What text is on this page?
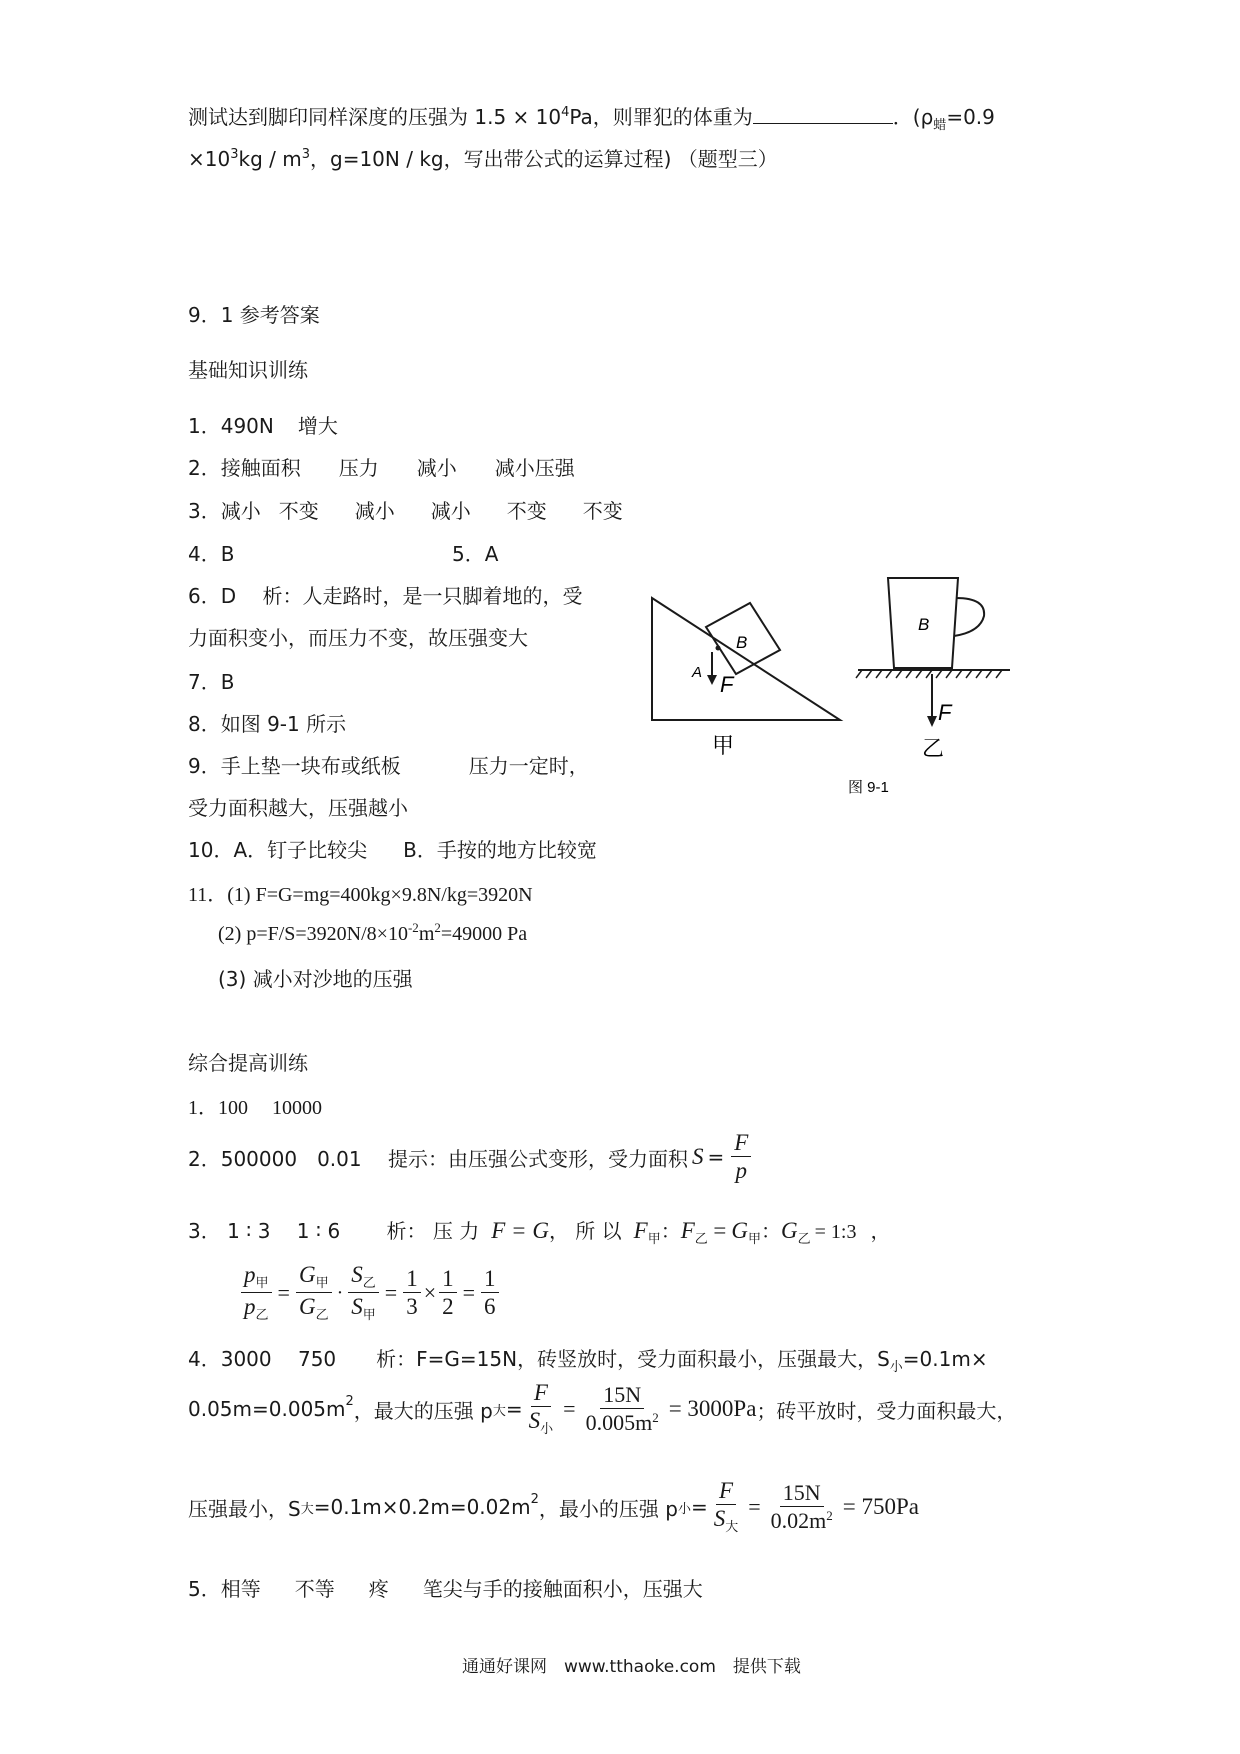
测试达到脚印同样深度的压强为 $1.5 \times 10^4Pa$，则罪犯的体重为	．($\rho_蜡=0.9$
$\times 10^3kg / m^3$，g=10N / kg，写出带公式的运算过程) （题型三）
9．1 参考答案
基础知识训练
1．490N 增大
2．接触面积 压力 减小 减小压强
3．减小 不变 减小 减小 不变 不变
4．B	5．A
6．D　 析：人走路时，是一只脚着地的，受
力面积变小，而压力不变，故压强变大
7．B
8．如图 9-1 所示
9．手上垫一块布或纸板	压力一定时，
受力面积越大，压强越小
10．A．钉子比较尖 B．手按的地方比较宽
11．(1) F=G=mg=400kg×9.8N/kg=3920N
(2) $p=F/S=3920N/8\times 10^{-2}m^2=49000$ Pa
(3) 减小对沙地的压强
B
A F
甲
B
F
乙
图 9-1
综合提高训练
1．100 10000
2．500000　0.01　 提示：由压强公式变形，受力面积 $S = \frac{F}{p}$
3． 1 ∶ 3　 1 ∶ 6　　 析： 压 力 F = G， 所 以 $F_甲$：$F_乙 = G_甲$：$G_乙$ = 1:3 ，
$\frac{p_甲}{p_乙} = \frac{G_甲}{G_乙} \cdot \frac{S_乙}{S_甲} = \frac{1}{3} \times \frac{1}{2} = \frac{1}{6}$
4．3000　 750　　析：F=G=15N，砖竖放时，受力面积最小，压强最大，$S_小=0.1m\times$
0.05m=0.005m 2 ，最大的压强 p 大 = $\frac{F}{S_小} = \frac{15N}{0.005m^2} = 3000Pa$ ；砖平放时，受力面积最大，
压强最小，S 大 =0.1m×0.2m=0.02m 2 ，最小的压强 p 小 = $\frac{F}{S_大} = \frac{15N}{0.02m^2} = 750Pa$
5．相等 不等 疼 笔尖与手的接触面积小，压强大
通通好课网　www.tthaoke.com　提供下载
